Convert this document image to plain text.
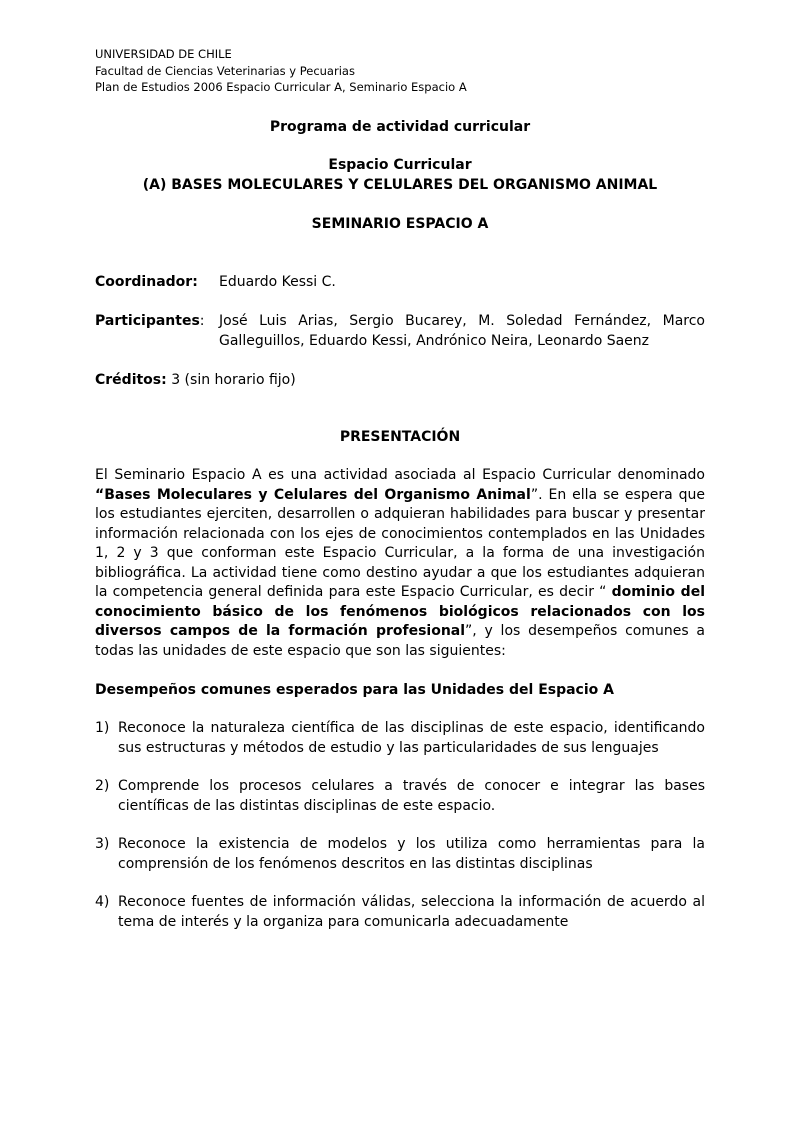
UNIVERSIDAD DE CHILE
Facultad de Ciencias Veterinarias y Pecuarias
Plan de Estudios 2006 Espacio Curricular A, Seminario Espacio A
Programa de actividad curricular
Espacio Curricular
(A) BASES MOLECULARES Y CELULARES DEL ORGANISMO ANIMAL
SEMINARIO ESPACIO A
Coordinador: Eduardo Kessi C.
Participantes: José Luis Arias, Sergio Bucarey, M. Soledad Fernández, Marco
Galleguillos, Eduardo Kessi, Andrónico Neira, Leonardo Saenz
Créditos: 3 (sin horario fijo)
PRESENTACIÓN
El Seminario Espacio A es una actividad asociada al Espacio Curricular denominado
“Bases Moleculares y Celulares del Organismo Animal”. En ella se espera que
los estudiantes ejerciten, desarrollen o adquieran habilidades para buscar y presentar
información relacionada con los ejes de conocimientos contemplados en las Unidades
1, 2 y 3 que conforman este Espacio Curricular, a la forma de una investigación
bibliográfica. La actividad tiene como destino ayudar a que los estudiantes adquieran
la competencia general definida para este Espacio Curricular, es decir “ dominio del
conocimiento básico de los fenómenos biológicos relacionados con los
diversos campos de la formación profesional”, y los desempeños comunes a
todas las unidades de este espacio que son las siguientes:
Desempeños comunes esperados para las Unidades del Espacio A
1) Reconoce la naturaleza científica de las disciplinas de este espacio, identificando
sus estructuras y métodos de estudio y las particularidades de sus lenguajes
2) Comprende los procesos celulares a través de conocer e integrar las bases
científicas de las distintas disciplinas de este espacio.
3) Reconoce la existencia de modelos y los utiliza como herramientas para la
comprensión de los fenómenos descritos en las distintas disciplinas
4) Reconoce fuentes de información válidas, selecciona la información de acuerdo al
tema de interés y la organiza para comunicarla adecuadamente
